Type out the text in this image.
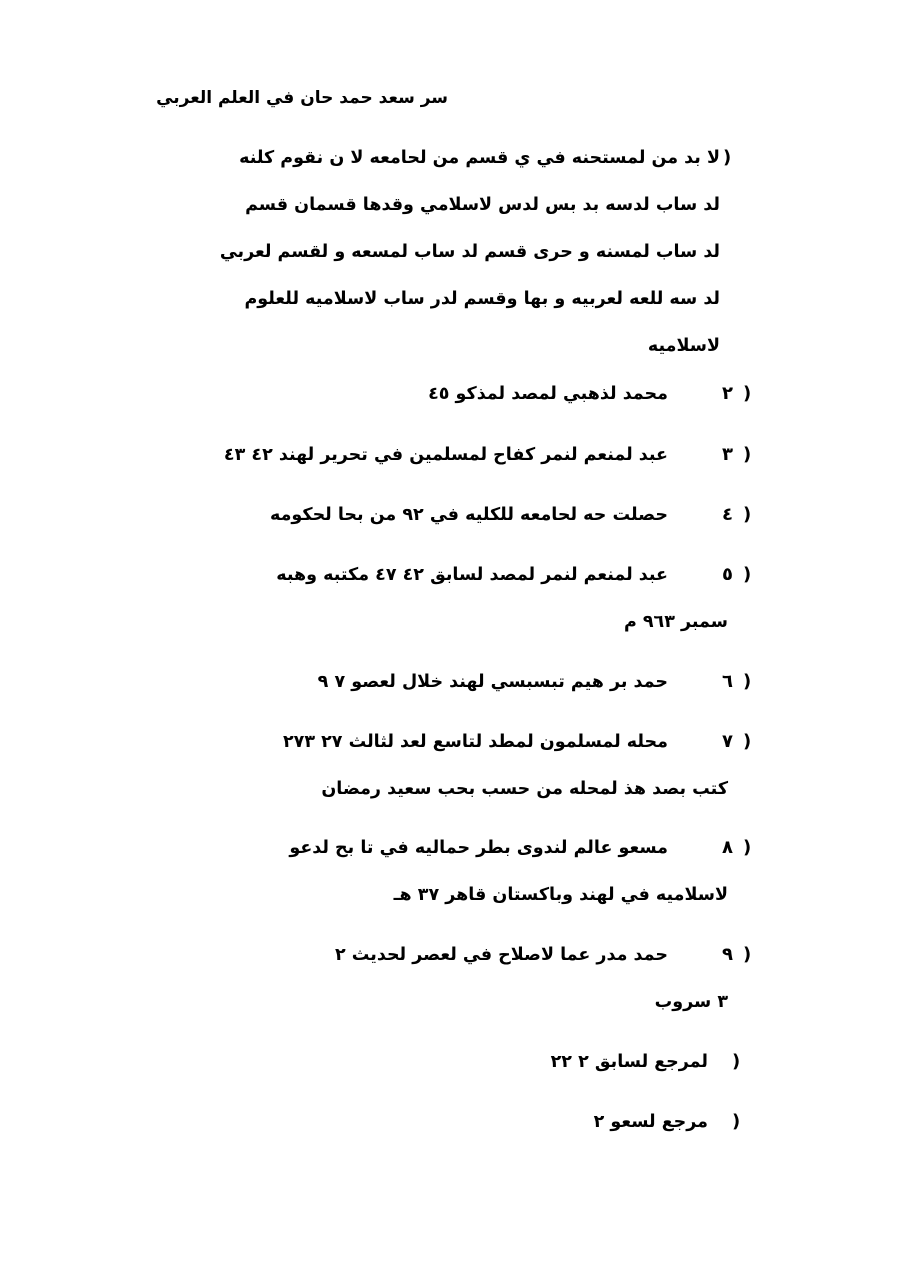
سر سعد حمد حان في العلم العربي
)
لا بد من لمستحنه في ي قسم من لحامعه لا ن نقوم كلنه
لد ساب لدسه بد بس لدس لاسلامي وقدها قسمان قسم
لد ساب لمسنه و حرى قسم لد ساب لمسعه و لقسم لعربي
لد سه للعه لعربيه و بها وقسم لدر ساب لاسلاميه للعلوم
لاسلاميه
٢ )
محمد لذهبي لمصد لمذكو ٤٥
٣ )
عبد لمنعم لنمر كفاح لمسلمين في تحرير لهند ٤٢ ٤٣
٤ )
حصلت حه لحامعه للكليه في ٩٢ من بحا لحكومه
٥ )
عبد لمنعم لنمر لمصد لسابق ٤٢ ٤٧ مكتبه وهبه
سمبر ٩٦٣ م
٦ )
حمد بر هيم تبسبسي لهند خلال لعصو ٧ ٩
٧ )
محله لمسلمون لمطد لتاسع لعد لثالث ٢٧ ٢٧٣
كتب بصد هذ لمحله من حسب بحب سعيد رمضان
٨ )
مسعو عالم لندوى بطر حماليه في تا بح لدعو
لاسلاميه في لهند وباكستان قاهر ٣٧ هـ
٩ )
حمد مدر عما لاصلاح في لعصر لحديث ٢
٣ سروب
)
لمرجع لسابق ٢ ٢٢
)
مرجع لسعو ٢
